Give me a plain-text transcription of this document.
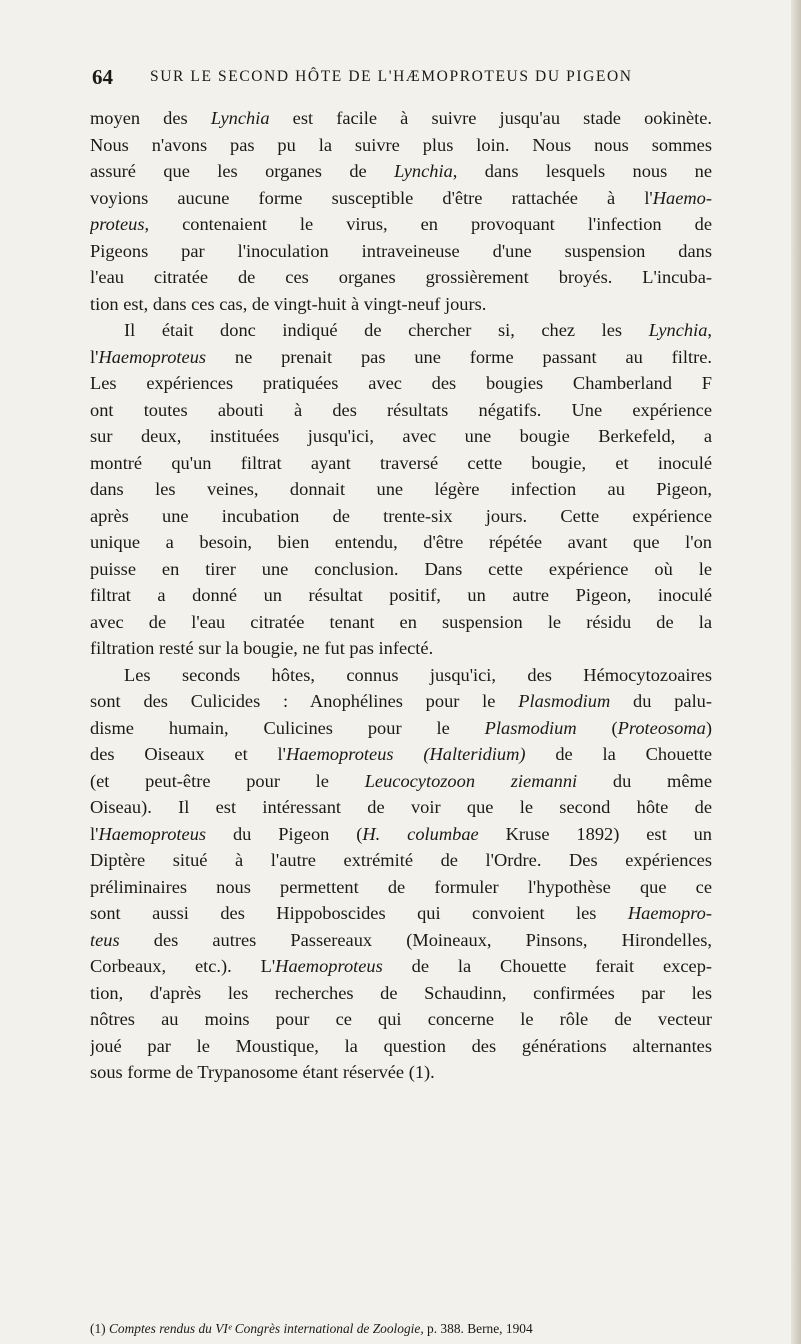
64 SUR LE SECOND HÔTE DE L'HÆMOPROTEUS DU PIGEON
moyen des Lynchia est facile à suivre jusqu'au stade ookinète.
Nous n'avons pas pu la suivre plus loin. Nous nous sommes
assuré que les organes de Lynchia, dans lesquels nous ne
voyions aucune forme susceptible d'être rattachée à l'Haemo-
proteus, contenaient le virus, en provoquant l'infection de
Pigeons par l'inoculation intraveineuse d'une suspension dans
l'eau citratée de ces organes grossièrement broyés. L'incuba-
tion est, dans ces cas, de vingt-huit à vingt-neuf jours.
Il était donc indiqué de chercher si, chez les Lynchia,
l'Haemoproteus ne prenait pas une forme passant au filtre.
Les expériences pratiquées avec des bougies Chamberland F
ont toutes abouti à des résultats négatifs. Une expérience
sur deux, instituées jusqu'ici, avec une bougie Berkefeld, a
montré qu'un filtrat ayant traversé cette bougie, et inoculé
dans les veines, donnait une légère infection au Pigeon,
après une incubation de trente-six jours. Cette expérience
unique a besoin, bien entendu, d'être répétée avant que l'on
puisse en tirer une conclusion. Dans cette expérience où le
filtrat a donné un résultat positif, un autre Pigeon, inoculé
avec de l'eau citratée tenant en suspension le résidu de la
filtration resté sur la bougie, ne fut pas infecté.
Les seconds hôtes, connus jusqu'ici, des Hémocytozoaires
sont des Culicides : Anophélines pour le Plasmodium du palu-
disme humain, Culicines pour le Plasmodium (Proteosoma)
des Oiseaux et l'Haemoproteus (Halteridium) de la Chouette
(et peut-être pour le Leucocytozoon ziemanni du même
Oiseau). Il est intéressant de voir que le second hôte de
l'Haemoproteus du Pigeon (H. columbae Kruse 1892) est un
Diptère situé à l'autre extrémité de l'Ordre. Des expériences
préliminaires nous permettent de formuler l'hypothèse que ce
sont aussi des Hippoboscides qui convoient les Haemopro-
teus des autres Passereaux (Moineaux, Pinsons, Hirondelles,
Corbeaux, etc.). L'Haemoproteus de la Chouette ferait excep-
tion, d'après les recherches de Schaudinn, confirmées par les
nôtres au moins pour ce qui concerne le rôle de vecteur
joué par le Moustique, la question des générations alternantes
sous forme de Trypanosome étant réservée (1).
(1) Comptes rendus du VIᵉ Congrès international de Zoologie, p. 388. Berne, 1904
